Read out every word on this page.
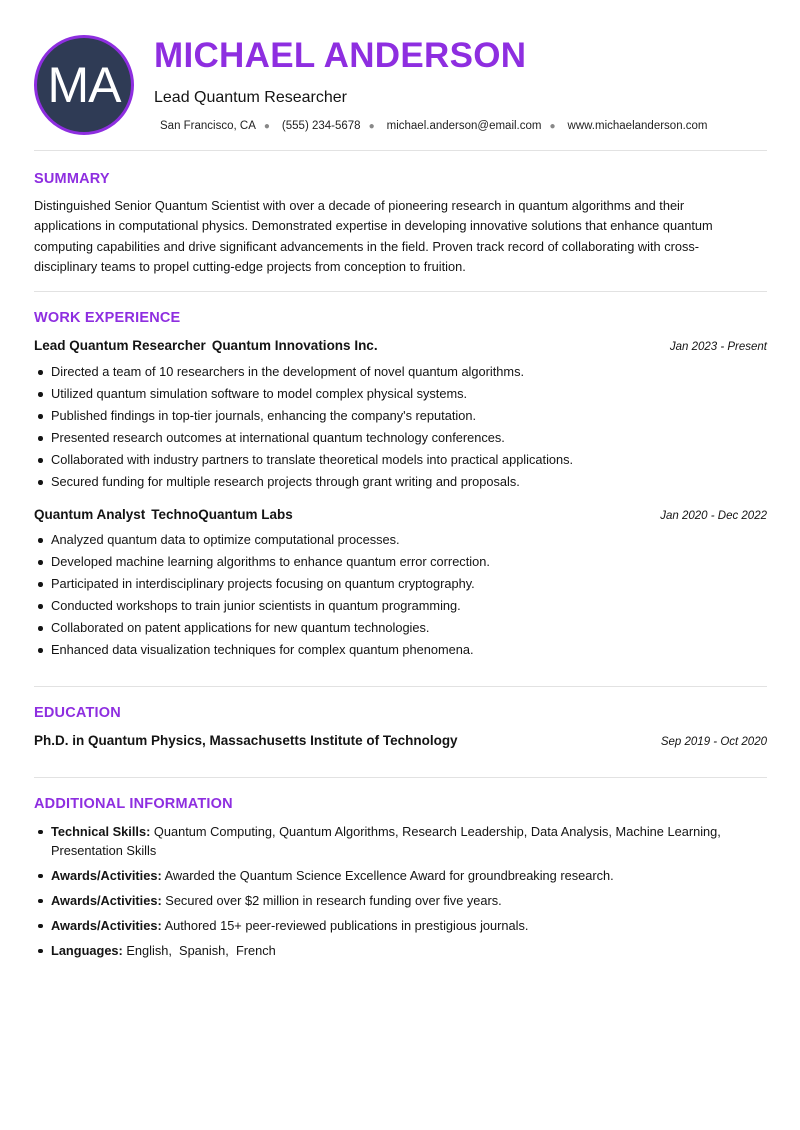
MA
MICHAEL ANDERSON
Lead Quantum Researcher
San Francisco, CA ● (555) 234-5678 ● michael.anderson@email.com ● www.michaelanderson.com
SUMMARY

Distinguished Senior Quantum Scientist with over a decade of pioneering research in quantum algorithms and their applications in computational physics. Demonstrated expertise in developing innovative solutions that enhance quantum computing capabilities and drive significant advancements in the field. Proven track record of collaborating with cross-disciplinary teams to propel cutting-edge projects from conception to fruition.

WORK EXPERIENCE
Lead Quantum Researcher Quantum Innovations Inc.	Jan 2023 - Present
Directed a team of 10 researchers in the development of novel quantum algorithms.
Utilized quantum simulation software to model complex physical systems.
Published findings in top-tier journals, enhancing the company's reputation.
Presented research outcomes at international quantum technology conferences.
Collaborated with industry partners to translate theoretical models into practical applications.
Secured funding for multiple research projects through grant writing and proposals.
Quantum Analyst TechnoQuantum Labs	Jan 2020 - Dec 2022
Analyzed quantum data to optimize computational processes.
Developed machine learning algorithms to enhance quantum error correction.
Participated in interdisciplinary projects focusing on quantum cryptography.
Conducted workshops to train junior scientists in quantum programming.
Collaborated on patent applications for new quantum technologies.
Enhanced data visualization techniques for complex quantum phenomena.
EDUCATION
Ph.D. in Quantum Physics, Massachusetts Institute of Technology	Sep 2019 - Oct 2020
ADDITIONAL INFORMATION
Technical Skills: Quantum Computing, Quantum Algorithms, Research Leadership, Data Analysis, Machine Learning, Presentation Skills
Awards/Activities: Awarded the Quantum Science Excellence Award for groundbreaking research.
Awards/Activities: Secured over $2 million in research funding over five years.
Awards/Activities: Authored 15+ peer-reviewed publications in prestigious journals.
Languages: English,  Spanish,  French
